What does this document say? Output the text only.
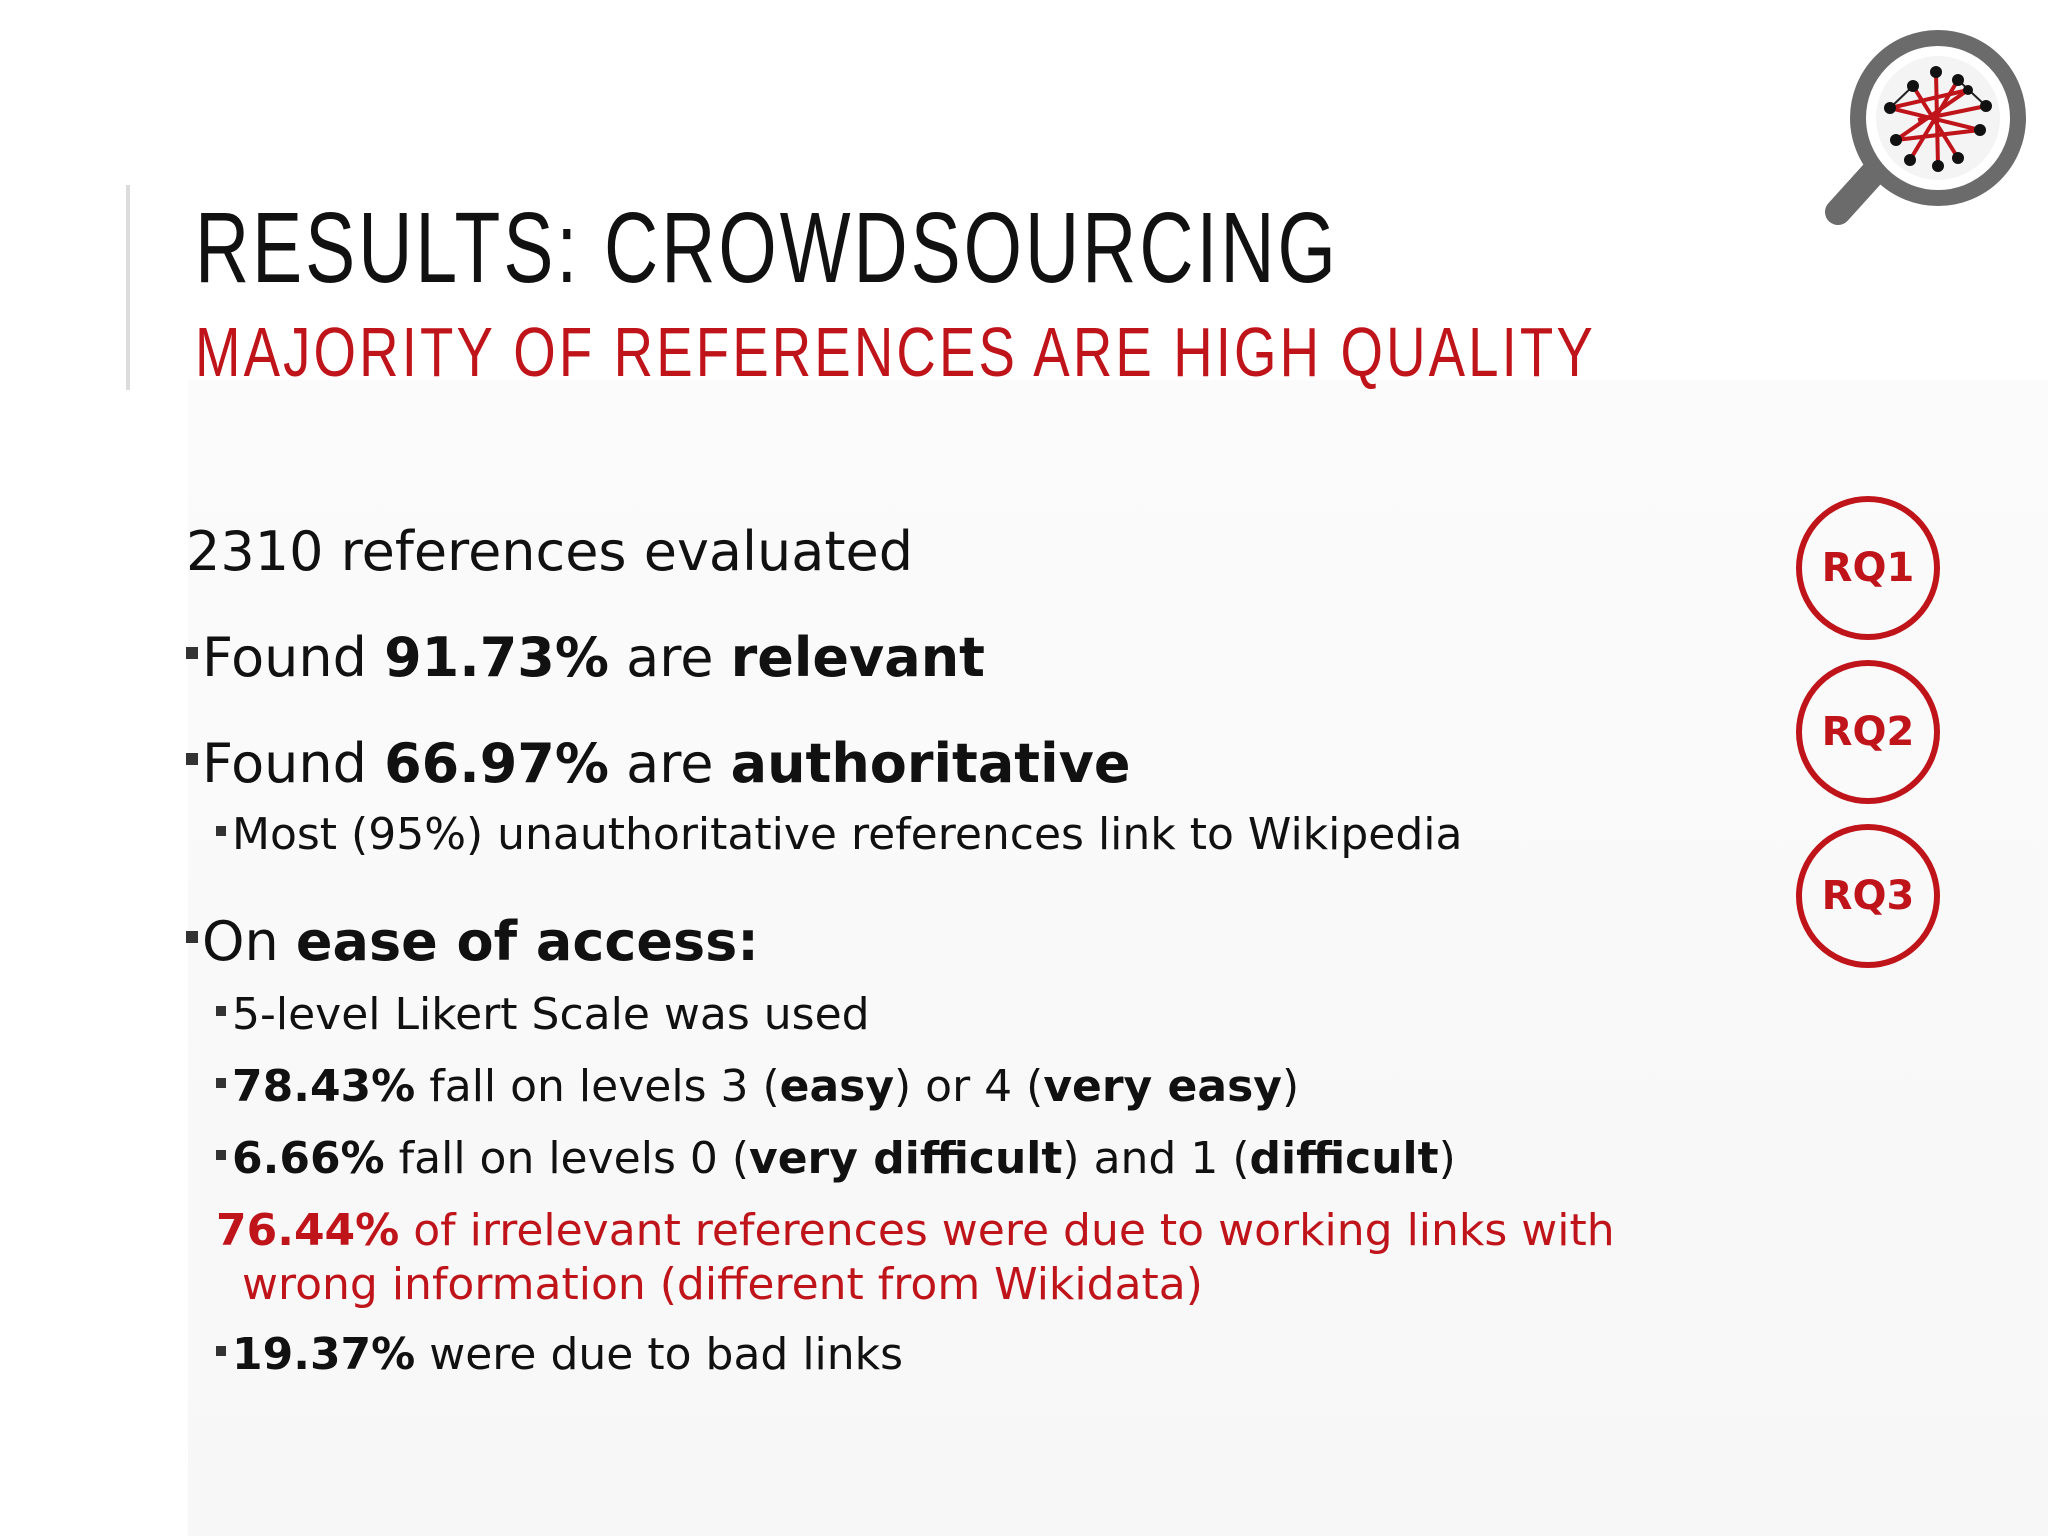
RESULTS: CROWDSOURCING
MAJORITY OF REFERENCES ARE HIGH QUALITY

2310 references evaluated

Found 91.73% are relevant

Found 66.97% are authoritative

Most (95%) unauthoritative references link to Wikipedia

On ease of access:

5-level Likert Scale was used

78.43% fall on levels 3 (easy) or 4 (very easy)

6.66% fall on levels 0 (very difficult) and 1 (difficult)

76.44% of irrelevant references were due to working links with
wrong information (different from Wikidata)

19.37% were due to bad links

RQ1
RQ2
RQ3
